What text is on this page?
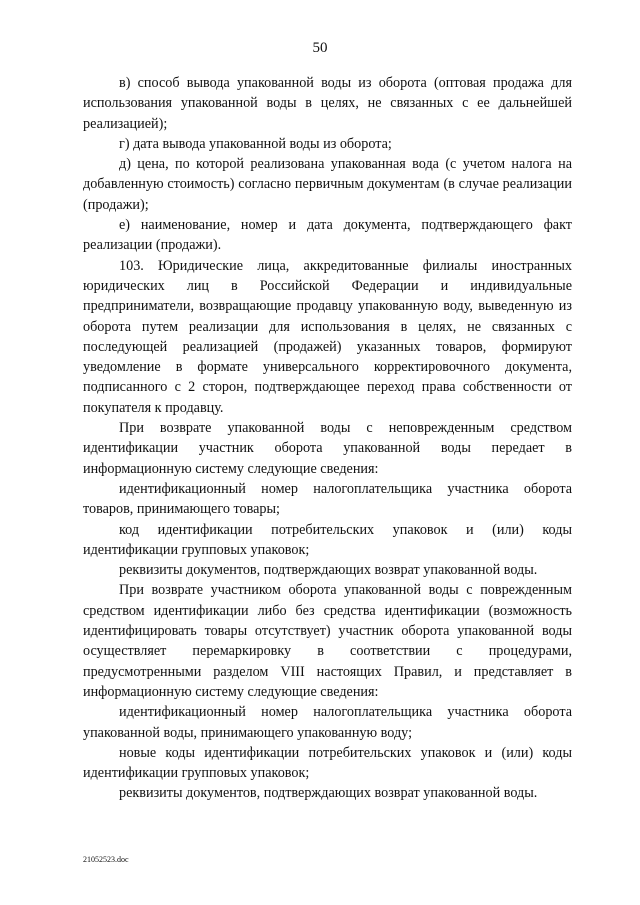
50

в) способ вывода упакованной воды из оборота (оптовая продажа для использования упакованной воды в целях, не связанных с ее дальнейшей реализацией);

г) дата вывода упакованной воды из оборота;

д) цена, по которой реализована упакованная вода (с учетом налога на добавленную стоимость) согласно первичным документам (в случае реализации (продажи);

е) наименование, номер и дата документа, подтверждающего факт реализации (продажи).

103. Юридические лица, аккредитованные филиалы иностранных юридических лиц в Российской Федерации и индивидуальные предприниматели, возвращающие продавцу упакованную воду, выведенную из оборота путем реализации для использования в целях, не связанных с последующей реализацией (продажей) указанных товаров, формируют уведомление в формате универсального корректировочного документа, подписанного с 2 сторон, подтверждающее переход права собственности от покупателя к продавцу.

При возврате упакованной воды с неповрежденным средством идентификации участник оборота упакованной воды передает в информационную систему следующие сведения:

идентификационный номер налогоплательщика участника оборота товаров, принимающего товары;

код идентификации потребительских упаковок и (или) коды идентификации групповых упаковок;

реквизиты документов, подтверждающих возврат упакованной воды.

При возврате участником оборота упакованной воды с поврежденным средством идентификации либо без средства идентификации (возможность идентифицировать товары отсутствует) участник оборота упакованной воды осуществляет перемаркировку в соответствии с процедурами, предусмотренными разделом VIII настоящих Правил, и представляет в информационную систему следующие сведения:

идентификационный номер налогоплательщика участника оборота упакованной воды, принимающего упакованную воду;

новые коды идентификации потребительских упаковок и (или) коды идентификации групповых упаковок;

реквизиты документов, подтверждающих возврат упакованной воды.

21052523.doc
